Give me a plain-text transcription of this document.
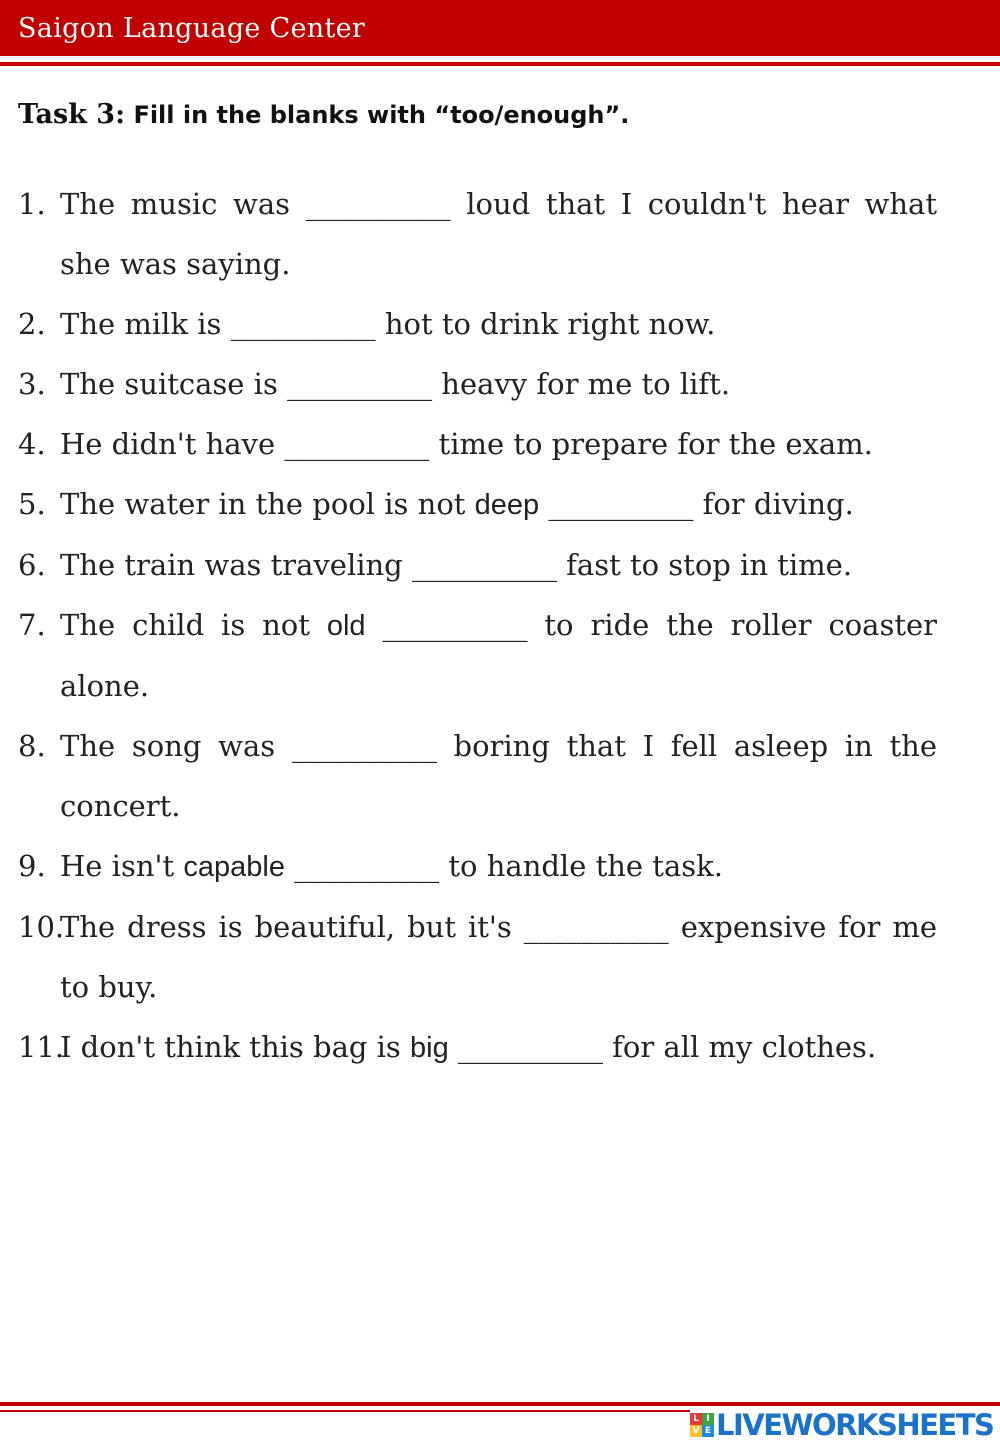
Saigon Language Center
Task 3: Fill in the blanks with “too/enough”.
1. The music was __________ loud that I couldn't hear what she was saying.
2. The milk is __________ hot to drink right now.
3. The suitcase is __________ heavy for me to lift.
4. He didn't have __________ time to prepare for the exam.
5. The water in the pool is not deep __________ for diving.
6. The train was traveling __________ fast to stop in time.
7. The child is not old __________ to ride the roller coaster alone.
8. The song was __________ boring that I fell asleep in the concert.
9. He isn't capable __________ to handle the task.
10.
The dress is beautiful, but it's __________ expensive for me to buy.
11.
I don't think this bag is big __________ for all my clothes.
L I
V E LIVEWORKSHEETS
